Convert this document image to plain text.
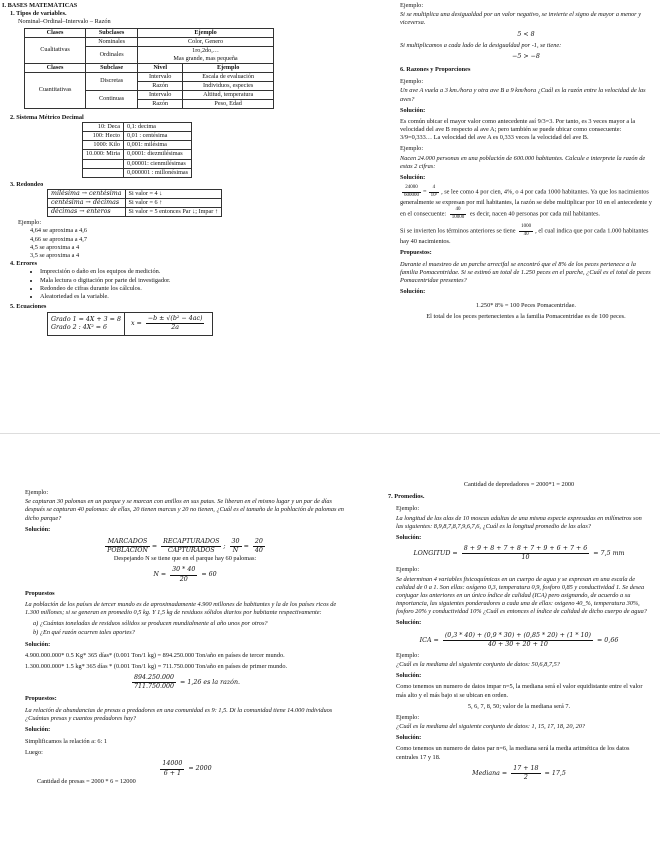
I. BASES MATEMÁTICAS

1. Tipos de variables.

Nominal–Ordinal–Intervalo – Razón

Clases	Subclases	Ejemplo	
Cualitativas	Nominales	Color, Genero	
	Ordinales	1ro,2do,…
Mas grande, mas pequeña	

Clases	Subclase	Nivel	Ejemplo
Cuantitativas	Discretas	Intervalo	Escala de evaluación
		Razón	Individuos, especies
	Continuas	Intervalo	Altitud, temperatura
		Razón	Peso, Edad

2. Sistema Métrico Decimal

10: Deca	0,1: decima
100: Hecto	0,01 : centésima
1000: Kilo	0,001: milésima
10.000: Miria	0,0001: diezmilésimas
	0,00001: cienmilésimas
	0,000001 : millonésimas

3. Redondeo

milésima → centésima	Si valor = 4 ↓
centésima → décimas	Si valor = 6 ↑
décimas → enteros	Si valor = 5 entonces Par ↓; Impar ↑

Ejemplo:

4,64 se aproxima a 4,6
4,66 se aproxima a 4,7
4,5 se aproxima a 4
3,5 se aproxima a 4

4. Errores

• Imprecisión o daño en los equipos de medición.
• Mala lectura o digitación por parte del investigador.
• Redondeo de cifras durante los cálculos.
• Aleatoriedad es la variable.

5. Ecuaciones

Grado 1 = 4X + 3 = 8
Grado 2 : 4X² = 6	$x = \frac{\text{−b ± √(b² − 4ac)}}{2a}$

Ejemplo:

Si se multiplica una desigualdad por un valor negativo, se invierte el signo de mayor a menor y viceversa.

5 < 8

Si multiplicamos a cada lado de la desigualdad por -1, se tiene:

−5 > −8

6. Razones y Proporciones

Ejemplo:

Un ave A vuela a 3 km./hora y otra ave B a 9 km/hora ¿Cuál es la razón entre la velocidad de las aves?

Solución:

Es común ubicar el mayor valor como antecedente así 9/3=3. Por tanto, es 3 veces mayor a la velocidad del ave B respecto al ave A; pero también se puede ubicar como consecuente: 3/9=0,333… La velocidad del ave A es 0,333 veces la velocidad del ave B.

Ejemplo:

Nacen 24.000 personas en una población de 600.000 habitantes. Calcule e interprete la razón de estas 2 cifras:

Solución:

$\frac{24000}{600000} = \frac{4}{\text{10²}}$ , se lee como 4 por cien, 4%, o 4 por cada 1000 habitantes. Ya que los nacimientos generalmente se expresan por mil habitantes, la razón se debe multiplicar por 10 en el antecedente y en el consecuente: $\frac{40}{10000}$ es decir, nacen 40 personas por cada mil habitantes.

Si se invierten los términos anteriores se tiene $\frac{1000}{40}$ , el cual indica que por cada 1.000 habitantes hay 40 nacimientos.

Propuestos:

Durante el muestreo de un parche arrecifal se encontró que el 8% de los peces pertenece a la familia Pomacentridae. Si se estimó un total de 1.250 peces en el parche, ¿Cuál es el total de peces Pomacentridae presentes?

Solución:

1.250* 8% = 100 Peces Pomacentridae.

El total de los peces pertenecientes a la familia Pomacentridae es de 100 peces.

Ejemplo:

Se capturan 30 palomas en un parque y se marcan con anillos en sus patas. Se liberan en el mismo lugar y un par de días después se capturan 40 palomas: de ellas, 20 tienen marcas y 20 no tienen, ¿Cuál es el tamaño de la población de palomas en dicho parque?

Solución:

$\frac{\text{MARCADOS}}{\text{POBLACIÓN}} = \frac{\text{RECAPTURADOS}}{\text{CAPTURADOS}}$ ; $\frac{30}{N} = \frac{20}{40}$

Despejando N se tiene que en el parque hay 60 palomas:

$N = \frac{30 * 40}{20} = 60$

Propuestos

La población de los países de tercer mundo es de aproximadamente 4.900 millones de habitantes y la de los países ricos de 1.300 millones; si se generan en promedio 0,5 kg. Y 1,5 kg de residuos sólidos diarios por habitante respectivamente:

a) ¿Cuántas toneladas de residuos sólidos se producen mundialmente al año unos por otros?

b) ¿En qué razón ocurren tales aportes?

Solución:

4.900.000.000* 0.5 Kg* 365 días* (0.001 Ton/1 kg) = 894.250.000 Ton/año en países de tercer mundo.

1.300.000.000* 1.5 kg* 365 días * (0.001 Ton/1 kg) = 711.750.000 Ton/año en países de primer mundo.

$\frac{894.250.000}{711.750.000} = 1,26$ es la razón.

Propuestos:

La relación de abundancias de presas a predadores en una comunidad es 9: 1,5. Di la comunidad tiene 14.000 individuos ¿Cuántas presas y cuantos predadores hay?

Solución:

Simplificamos la relación a: 6: 1

Luego:

$\frac{14000}{6 + 1} = 2000$

Cantidad de presas = 2000 * 6 = 12000

Cantidad de depredadores = 2000*1 = 2000

7. Promedios.

Ejemplo:

La longitud de las alas de 10 moscas adultas de una misma especie expresadas en milímetros son las siguientes: 8,9,8,7,8,7,9,6,7,6, ¿Cuál es la longitud promedio de las alas?

Solución:

LONGITUD = $\frac{8 + 9 + 8 + 7 + 8 + 7 + 9 + 6 + 7 + 6}{10} = 7,5$ mm

Ejemplo:

Se determinan 4 variables fisicoquímicas en un cuerpo de agua y se expresan en una escala de calidad de 0 a 1. Son ellas: oxígeno 0,3, temperatura 0,9, fosforo 0,85 y conductividad 1. Se desea conjugar las anteriores en un único índice de calidad (ICA) pero asignando, de acuerdo a su importancia, las siguientes ponderadores a cada una de ellas: oxigeno 40_%, temperatura 30%, fosforo 20% y conductividad 10% ¿Cuál es entonces el índice de calidad de dicho cuerpo de agua?

Solución:

ICA = $\frac{(0,3 * 40) + (0,9 * 30) + (0,85 * 20) + (1 * 10)}{40 + 30 + 20 + 10} = 0,66$

Ejemplo:

¿Cuál es la mediana del siguiente conjunto de datos: 50,6,8,7,5?

Solución:

Como tenemos un numero de datos impar n=5, la mediana será el valor equidistante entre el valor más alto y el más bajo si se ubican en orden.

5, 6, 7, 8, 50; valor de la mediana será 7.

Ejemplo:

¿Cuál es la mediana del siguiente conjunto de datos: 1, 15, 17, 18, 20, 20?

Solución:

Como tenemos un numero de datos par n=6, la mediana será la media aritmética de los datos centrales 17 y 18.

Mediana = $\frac{17 + 18}{2} = 17,5$
